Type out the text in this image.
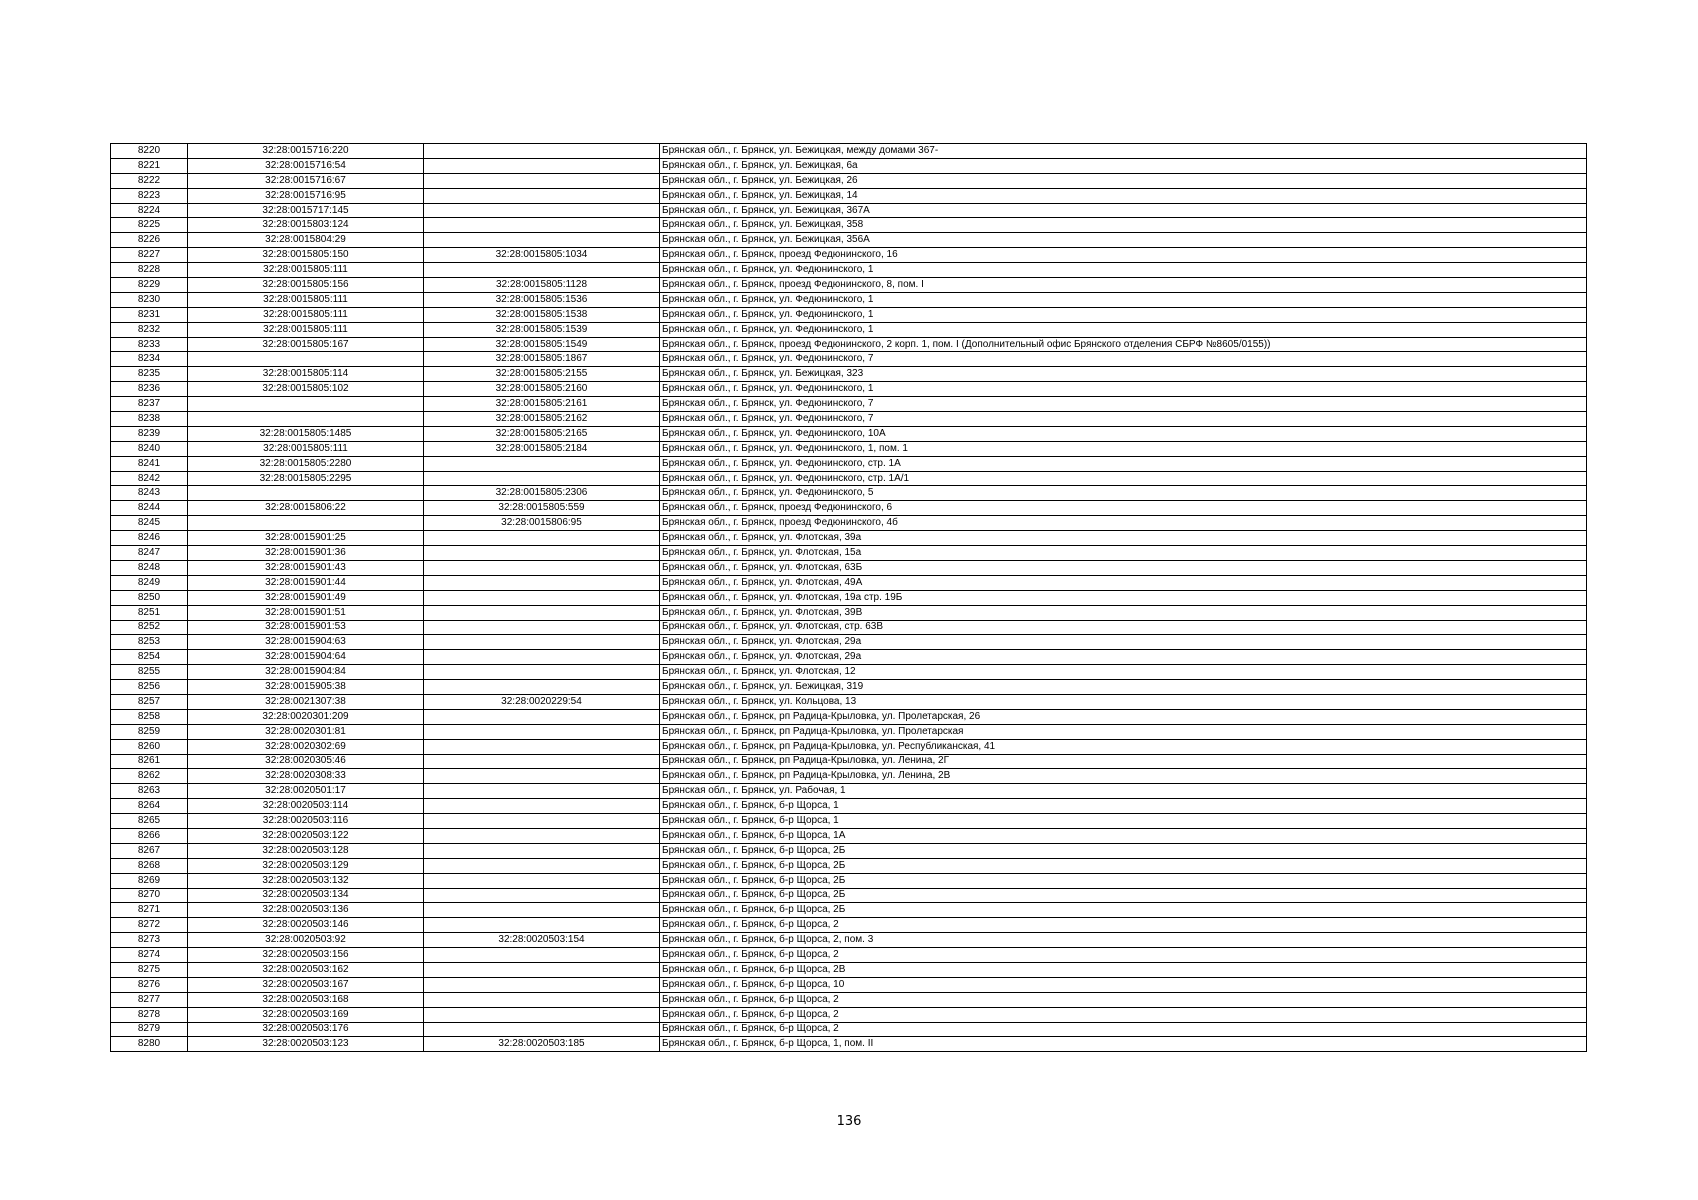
8220	32:28:0015716:220		Брянская обл., г. Брянск, ул. Бежицкая, между домами 367-
8221	32:28:0015716:54		Брянская обл., г. Брянск, ул. Бежицкая, 6а
8222	32:28:0015716:67		Брянская обл., г. Брянск, ул. Бежицкая, 26
8223	32:28:0015716:95		Брянская обл., г. Брянск, ул. Бежицкая, 14
8224	32:28:0015717:145		Брянская обл., г. Брянск, ул. Бежицкая, 367А
8225	32:28:0015803:124		Брянская обл., г. Брянск, ул. Бежицкая, 358
8226	32:28:0015804:29		Брянская обл., г. Брянск, ул. Бежицкая, 356А
8227	32:28:0015805:150	32:28:0015805:1034	Брянская обл., г. Брянск, проезд Федюнинского, 16
8228	32:28:0015805:111		Брянская обл., г. Брянск, ул. Федюнинского, 1
8229	32:28:0015805:156	32:28:0015805:1128	Брянская обл., г. Брянск, проезд Федюнинского, 8, пом. I
8230	32:28:0015805:111	32:28:0015805:1536	Брянская обл., г. Брянск, ул. Федюнинского, 1
8231	32:28:0015805:111	32:28:0015805:1538	Брянская обл., г. Брянск, ул. Федюнинского, 1
8232	32:28:0015805:111	32:28:0015805:1539	Брянская обл., г. Брянск, ул. Федюнинского, 1
8233	32:28:0015805:167	32:28:0015805:1549	Брянская обл., г. Брянск, проезд Федюнинского, 2 корп. 1, пом. I (Дополнительный офис Брянского отделения СБРФ №8605/0155))
8234		32:28:0015805:1867	Брянская обл., г. Брянск, ул. Федюнинского, 7
8235	32:28:0015805:114	32:28:0015805:2155	Брянская обл., г. Брянск, ул. Бежицкая, 323
8236	32:28:0015805:102	32:28:0015805:2160	Брянская обл., г. Брянск, ул. Федюнинского, 1
8237		32:28:0015805:2161	Брянская обл., г. Брянск, ул. Федюнинского, 7
8238		32:28:0015805:2162	Брянская обл., г. Брянск, ул. Федюнинского, 7
8239	32:28:0015805:1485	32:28:0015805:2165	Брянская обл., г. Брянск, ул. Федюнинского, 10А
8240	32:28:0015805:111	32:28:0015805:2184	Брянская обл., г. Брянск, ул. Федюнинского, 1, пом. 1
8241	32:28:0015805:2280		Брянская обл., г. Брянск, ул. Федюнинского, стр. 1А
8242	32:28:0015805:2295		Брянская обл., г. Брянск, ул. Федюнинского, стр. 1А/1
8243		32:28:0015805:2306	Брянская обл., г. Брянск, ул. Федюнинского, 5
8244	32:28:0015806:22	32:28:0015805:559	Брянская обл., г. Брянск, проезд Федюнинского, 6
8245		32:28:0015806:95	Брянская обл., г. Брянск, проезд Федюнинского, 4б
8246	32:28:0015901:25		Брянская обл., г. Брянск, ул. Флотская, 39а
8247	32:28:0015901:36		Брянская обл., г. Брянск, ул. Флотская, 15а
8248	32:28:0015901:43		Брянская обл., г. Брянск, ул. Флотская, 63Б
8249	32:28:0015901:44		Брянская обл., г. Брянск, ул. Флотская, 49А
8250	32:28:0015901:49		Брянская обл., г. Брянск, ул. Флотская, 19а стр. 19Б
8251	32:28:0015901:51		Брянская обл., г. Брянск, ул. Флотская, 39В
8252	32:28:0015901:53		Брянская обл., г. Брянск, ул. Флотская, стр. 63В
8253	32:28:0015904:63		Брянская обл., г. Брянск, ул. Флотская, 29а
8254	32:28:0015904:64		Брянская обл., г. Брянск, ул. Флотская, 29а
8255	32:28:0015904:84		Брянская обл., г. Брянск, ул. Флотская, 12
8256	32:28:0015905:38		Брянская обл., г. Брянск, ул. Бежицкая, 319
8257	32:28:0021307:38	32:28:0020229:54	Брянская обл., г. Брянск, ул. Кольцова, 13
8258	32:28:0020301:209		Брянская обл., г. Брянск, рп Радица-Крыловка, ул. Пролетарская, 26
8259	32:28:0020301:81		Брянская обл., г. Брянск, рп Радица-Крыловка, ул. Пролетарская
8260	32:28:0020302:69		Брянская обл., г. Брянск, рп Радица-Крыловка, ул. Республиканская, 41
8261	32:28:0020305:46		Брянская обл., г. Брянск, рп Радица-Крыловка, ул. Ленина, 2Г
8262	32:28:0020308:33		Брянская обл., г. Брянск, рп Радица-Крыловка, ул. Ленина, 2В
8263	32:28:0020501:17		Брянская обл., г. Брянск, ул. Рабочая, 1
8264	32:28:0020503:114		Брянская обл., г. Брянск, б-р Щорса, 1
8265	32:28:0020503:116		Брянская обл., г. Брянск, б-р Щорса, 1
8266	32:28:0020503:122		Брянская обл., г. Брянск, б-р Щорса, 1А
8267	32:28:0020503:128		Брянская обл., г. Брянск, б-р Щорса, 2Б
8268	32:28:0020503:129		Брянская обл., г. Брянск, б-р Щорса, 2Б
8269	32:28:0020503:132		Брянская обл., г. Брянск, б-р Щорса, 2Б
8270	32:28:0020503:134		Брянская обл., г. Брянск, б-р Щорса, 2Б
8271	32:28:0020503:136		Брянская обл., г. Брянск, б-р Щорса, 2Б
8272	32:28:0020503:146		Брянская обл., г. Брянск, б-р Щорса, 2
8273	32:28:0020503:92	32:28:0020503:154	Брянская обл., г. Брянск, б-р Щорса, 2, пом. 3
8274	32:28:0020503:156		Брянская обл., г. Брянск, б-р Щорса, 2
8275	32:28:0020503:162		Брянская обл., г. Брянск, б-р Щорса, 2В
8276	32:28:0020503:167		Брянская обл., г. Брянск, б-р Щорса, 10
8277	32:28:0020503:168		Брянская обл., г. Брянск, б-р Щорса, 2
8278	32:28:0020503:169		Брянская обл., г. Брянск, б-р Щорса, 2
8279	32:28:0020503:176		Брянская обл., г. Брянск, б-р Щорса, 2
8280	32:28:0020503:123	32:28:0020503:185	Брянская обл., г. Брянск, б-р Щорса, 1, пом. II
136
